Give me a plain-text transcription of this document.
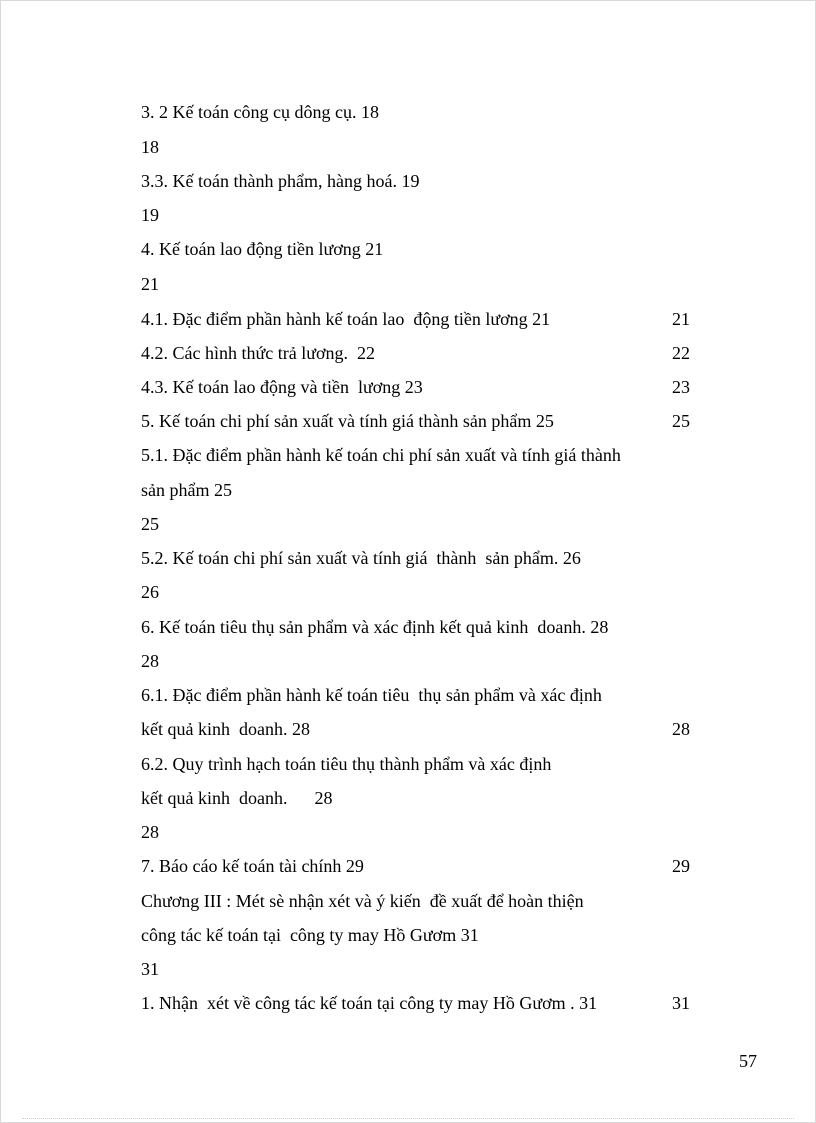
3. 2 Kế toán công cụ dông cụ. 18
18
3.3. Kế toán thành phẩm, hàng hoá. 19
19
4. Kế toán lao động tiền lương 21
21
4.1. Đặc điểm phần hành kế toán lao  động tiền lương 21	21
4.2. Các hình thức trả lương.  22	22
4.3. Kế toán lao động và tiền  lương 23	23
5. Kế toán chi phí sản xuất và tính giá thành sản phẩm 25	25
5.1. Đặc điểm phần hành kế toán chi phí sản xuất và tính giá thành
sản phẩm 25
25
5.2. Kế toán chi phí sản xuất và tính giá  thành  sản phẩm. 26
26
6. Kế toán tiêu thụ sản phẩm và xác định kết quả kinh  doanh. 28
28
6.1. Đặc điểm phần hành kế toán tiêu  thụ sản phẩm và xác định
kết quả kinh  doanh. 28	28
6.2. Quy trình hạch toán tiêu thụ thành phẩm và xác định
kết quả kinh  doanh.      28
28
7. Báo cáo kế toán tài chính 29	29
Chương III : Mét sè nhận xét và ý kiến  đề xuất để hoàn thiện
công tác kế toán tại  công ty may Hồ Gươm 31
31
1. Nhận  xét về công tác kế toán tại công ty may Hồ Gươm . 31	31
57
